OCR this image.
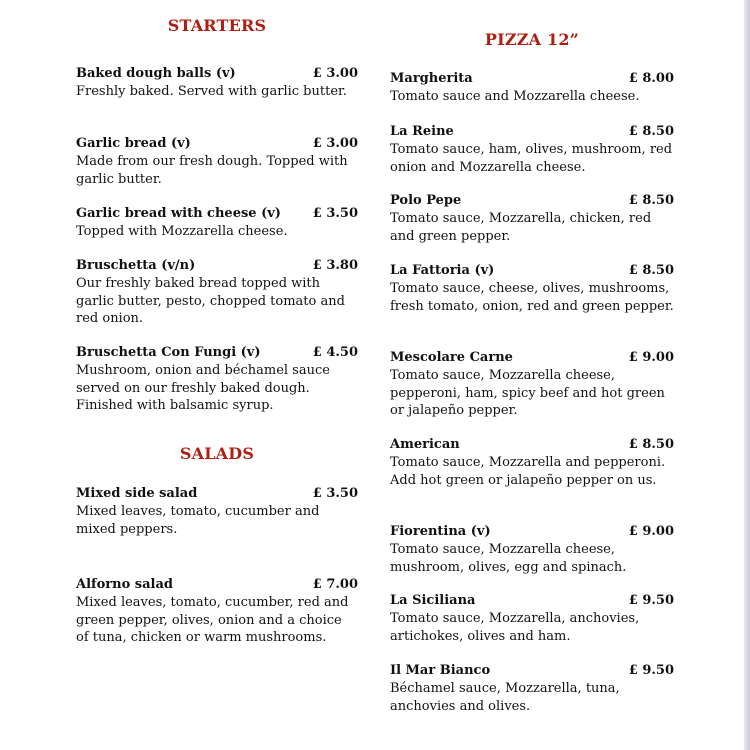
STARTERS
Baked dough balls (v)	£ 3.00
Freshly baked. Served with garlic butter.
Garlic bread (v)	£ 3.00
Made from our fresh dough. Topped with garlic butter.
Garlic bread with cheese (v)	£ 3.50
Topped with Mozzarella cheese.
Bruschetta (v/n)	£ 3.80
Our freshly baked bread topped with garlic butter, pesto, chopped tomato and red onion.
Bruschetta Con Fungi (v)	£ 4.50
Mushroom, onion and béchamel sauce served on our freshly baked dough. Finished with balsamic syrup.
SALADS
Mixed side salad	£ 3.50
Mixed leaves, tomato, cucumber and mixed peppers.
Alforno salad	£ 7.00
Mixed leaves, tomato, cucumber, red and green pepper, olives, onion and a choice of tuna, chicken or warm mushrooms.
PIZZA 12”
Margherita	£ 8.00
Tomato sauce and Mozzarella cheese.
La Reine	£ 8.50
Tomato sauce, ham, olives, mushroom, red onion and Mozzarella cheese.
Polo Pepe	£ 8.50
Tomato sauce, Mozzarella, chicken, red and green pepper.
La Fattoria (v)	£ 8.50
Tomato sauce, cheese, olives, mushrooms, fresh tomato, onion, red and green pepper.
Mescolare Carne	£ 9.00
Tomato sauce, Mozzarella cheese, pepperoni, ham, spicy beef and hot green or jalapeño pepper.
American	£ 8.50
Tomato sauce, Mozzarella and pepperoni. Add hot green or jalapeño pepper on us.
Fiorentina (v)	£ 9.00
Tomato sauce, Mozzarella cheese, mushroom, olives, egg and spinach.
La Siciliana	£ 9.50
Tomato sauce, Mozzarella, anchovies, artichokes, olives and ham.
Il Mar Bianco	£ 9.50
Béchamel sauce, Mozzarella, tuna, anchovies and olives.
